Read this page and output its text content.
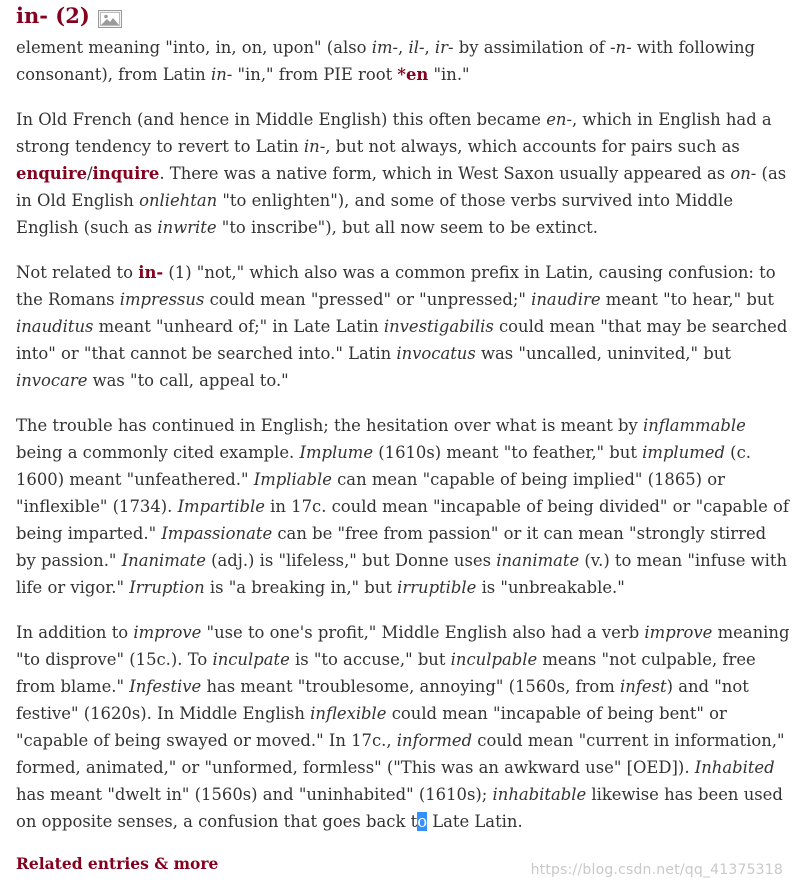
in- (2)

element meaning "into, in, on, upon" (also im-, il-, ir- by assimilation of -n- with following consonant), from Latin in- "in," from PIE root *en "in."

In Old French (and hence in Middle English) this often became en-, which in English had a strong tendency to revert to Latin in-, but not always, which accounts for pairs such as enquire/inquire. There was a native form, which in West Saxon usually appeared as on- (as in Old English onliehtan "to enlighten"), and some of those verbs survived into Middle English (such as inwrite "to inscribe"), but all now seem to be extinct.

Not related to in- (1) "not," which also was a common prefix in Latin, causing confusion: to the Romans impressus could mean "pressed" or "unpressed;" inaudire meant "to hear," but inauditus meant "unheard of;" in Late Latin investigabilis could mean "that may be searched into" or "that cannot be searched into." Latin invocatus was "uncalled, uninvited," but invocare was "to call, appeal to."

The trouble has continued in English; the hesitation over what is meant by inflammable being a commonly cited example. Implume (1610s) meant "to feather," but implumed (c. 1600) meant "unfeathered." Impliable can mean "capable of being implied" (1865) or "inflexible" (1734). Impartible in 17c. could mean "incapable of being divided" or "capable of being imparted." Impassionate can be "free from passion" or it can mean "strongly stirred by passion." Inanimate (adj.) is "lifeless," but Donne uses inanimate (v.) to mean "infuse with life or vigor." Irruption is "a breaking in," but irruptible is "unbreakable."

In addition to improve "use to one's profit," Middle English also had a verb improve meaning "to disprove" (15c.). To inculpate is "to accuse," but inculpable means "not culpable, free from blame." Infestive has meant "troublesome, annoying" (1560s, from infest) and "not festive" (1620s). In Middle English inflexible could mean "incapable of being bent" or "capable of being swayed or moved." In 17c., informed could mean "current in information," formed, animated," or "unformed, formless" ("This was an awkward use" [OED]). Inhabited has meant "dwelt in" (1560s) and "uninhabited" (1610s); inhabitable likewise has been used on opposite senses, a confusion that goes back to Late Latin.

Related entries & more	https://blog.csdn.net/qq_41375318
